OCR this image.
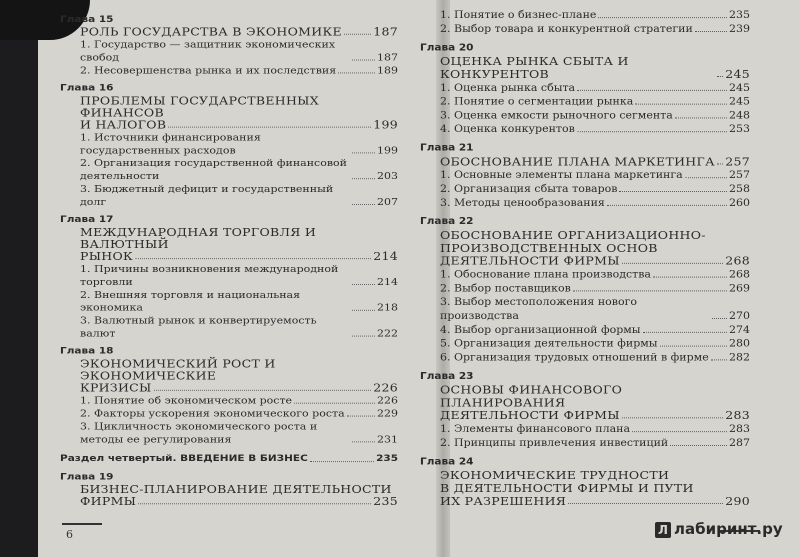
Глава 15
РОЛЬ ГОСУДАРСТВА В ЭКОНОМИКЕ	187
1. Государство — защитник экономических свобод	187
2. Несовершенства рынка и их последствия	189
Глава 16
ПРОБЛЕМЫ ГОСУДАРСТВЕННЫХ ФИНАНСОВ
И НАЛОГОВ	199
1. Источники финансирования государственных расходов	199
2. Организация государственной финансовой деятельности	203
3. Бюджетный дефицит и государственный долг	207
Глава 17
МЕЖДУНАРОДНАЯ ТОРГОВЛЯ И ВАЛЮТНЫЙ
РЫНОК	214
1. Причины возникновения международной торговли	214
2. Внешняя торговля и национальная экономика	218
3. Валютный рынок и конвертируемость валют	222
Глава 18
ЭКОНОМИЧЕСКИЙ РОСТ И ЭКОНОМИЧЕСКИЕ
КРИЗИСЫ	226
1. Понятие об экономическом росте	226
2. Факторы ускорения экономического роста	229
3. Цикличность экономического роста и методы ее регулирования	231
Раздел четвертый. ВВЕДЕНИЕ В БИЗНЕС	235
Глава 19
БИЗНЕС-ПЛАНИРОВАНИЕ ДЕЯТЕЛЬНОСТИ
ФИРМЫ	235
1. Понятие о бизнес-плане	235
2. Выбор товара и конкурентной стратегии	239
Глава 20
ОЦЕНКА РЫНКА СБЫТА И КОНКУРЕНТОВ	245
1. Оценка рынка сбыта	245
2. Понятие о сегментации рынка	245
3. Оценка емкости рыночного сегмента	248
4. Оценка конкурентов	253
Глава 21
ОБОСНОВАНИЕ ПЛАНА МАРКЕТИНГА 257
1. Основные элементы плана маркетинга	257
2. Организация сбыта товаров	258
3. Методы ценообразования	260
Глава 22
ОБОСНОВАНИЕ ОРГАНИЗАЦИОННО-
ПРОИЗВОДСТВЕННЫХ ОСНОВ
ДЕЯТЕЛЬНОСТИ ФИРМЫ	268
1. Обоснование плана производства	268
2. Выбор поставщиков	269
3. Выбор местоположения нового производства	270
4. Выбор организационной формы	274
5. Организация деятельности фирмы	280
6. Организация трудовых отношений в фирме 282
Глава 23
ОСНОВЫ ФИНАНСОВОГО ПЛАНИРОВАНИЯ
ДЕЯТЕЛЬНОСТИ ФИРМЫ	283
1. Элементы финансового плана	283
2. Принципы привлечения инвестиций	287
Глава 24
ЭКОНОМИЧЕСКИЕ ТРУДНОСТИ
В ДЕЯТЕЛЬНОСТИ ФИРМЫ И ПУТИ
ИХ РАЗРЕШЕНИЯ	290
6	Л лабиринт.ру
